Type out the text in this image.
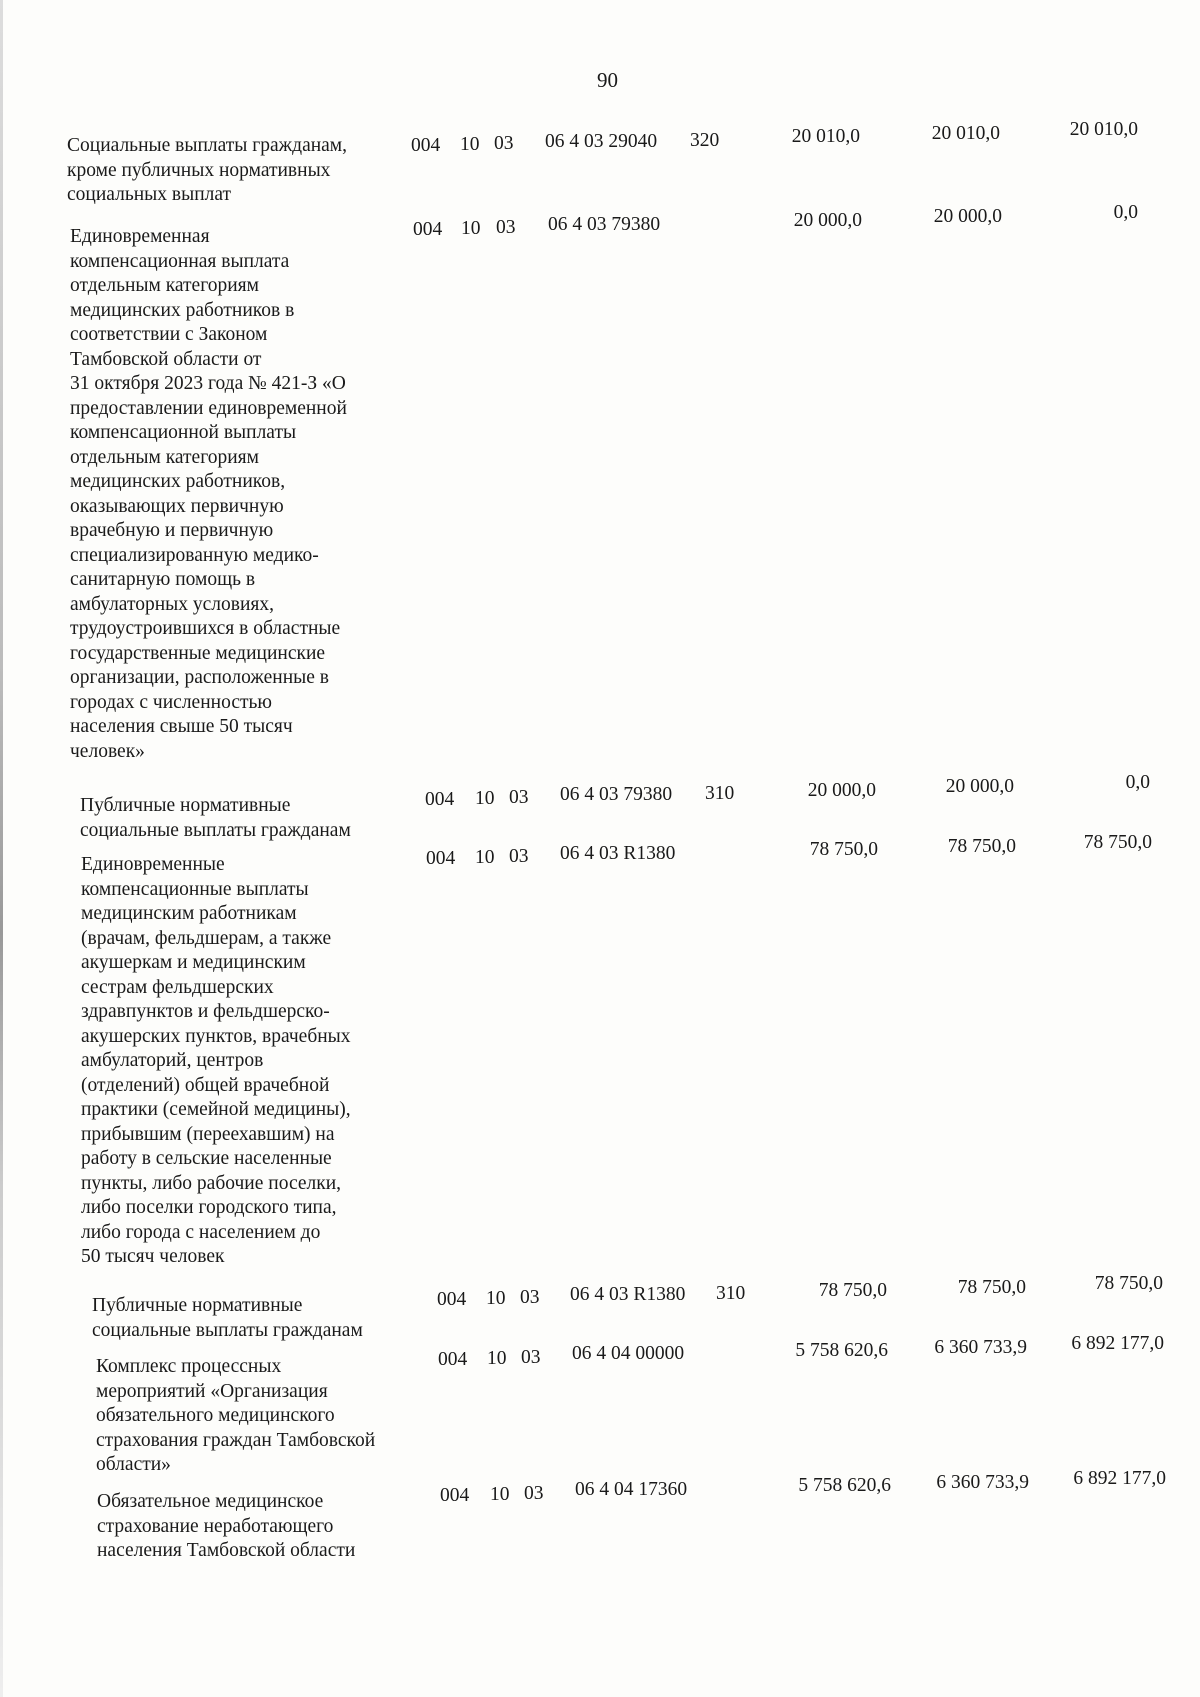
90
Социальные выплаты гражданам,
кроме публичных нормативных
социальных выплат
004 10 03 06 4 03 29040 320	20 010,0	20 010,0	20 010,0
Единовременная
компенсационная выплата
отдельным категориям
медицинских работников в
соответствии с Законом
Тамбовской области от
31 октября 2023 года № 421-З «О
предоставлении единовременной
компенсационной выплаты
отдельным категориям
медицинских работников,
оказывающих первичную
врачебную и первичную
специализированную медико-
санитарную помощь в
амбулаторных условиях,
трудоустроившихся в областные
государственные медицинские
организации, расположенные в
городах с численностью
населения свыше 50 тысяч
человек»
004 10 03 06 4 03 79380	20 000,0	20 000,0	0,0
Публичные нормативные
социальные выплаты гражданам
004 10 03 06 4 03 79380 310	20 000,0	20 000,0	0,0
Единовременные
компенсационные выплаты
медицинским работникам
(врачам, фельдшерам, а также
акушеркам и медицинским
сестрам фельдшерских
здравпунктов и фельдшерско-
акушерских пунктов, врачебных
амбулаторий, центров
(отделений) общей врачебной
практики (семейной медицины),
прибывшим (переехавшим) на
работу в сельские населенные
пункты, либо рабочие поселки,
либо поселки городского типа,
либо города с населением до
50 тысяч человек
004 10 03 06 4 03 R1380	78 750,0	78 750,0	78 750,0
Публичные нормативные
социальные выплаты гражданам
004 10 03 06 4 03 R1380 310	78 750,0	78 750,0	78 750,0
Комплекс процессных
мероприятий «Организация
обязательного медицинского
страхования граждан Тамбовской
области»
004 10 03 06 4 04 00000	5 758 620,6	6 360 733,9	6 892 177,0
Обязательное медицинское
страхование неработающего
населения Тамбовской области
004 10 03 06 4 04 17360	5 758 620,6	6 360 733,9	6 892 177,0
